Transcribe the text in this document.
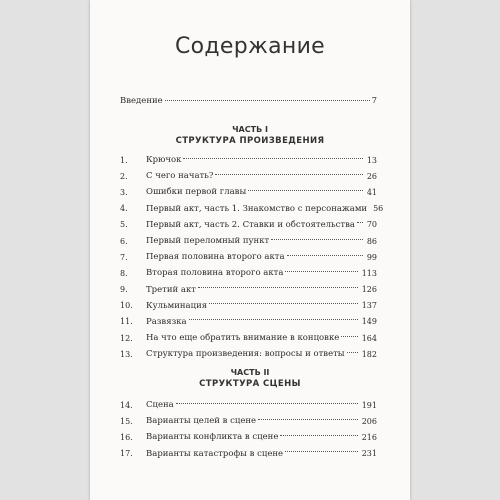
Содержание
Введение	7
ЧАСТЬ I
СТРУКТУРА ПРОИЗВЕДЕНИЯ
1.	Крючок	13
2.	С чего начать?	26
3.	Ошибки первой главы	41
4.	Первый акт, часть 1. Знакомство с персонажами 56
5.	Первый акт, часть 2. Ставки и обстоятельства 70
6.	Первый переломный пункт	86
7.	Первая половина второго акта	99
8.	Вторая половина второго акта	113
9.	Третий акт	126
10.	Кульминация	137
11.	Развязка	149
12.	На что еще обратить внимание в концовке	164
13.	Структура произведения: вопросы и ответы 182
ЧАСТЬ II
СТРУКТУРА СЦЕНЫ
14.	Сцена	191
15.	Варианты целей в сцене	206
16.	Варианты конфликта в сцене	216
17.	Варианты катастрофы в сцене	231
